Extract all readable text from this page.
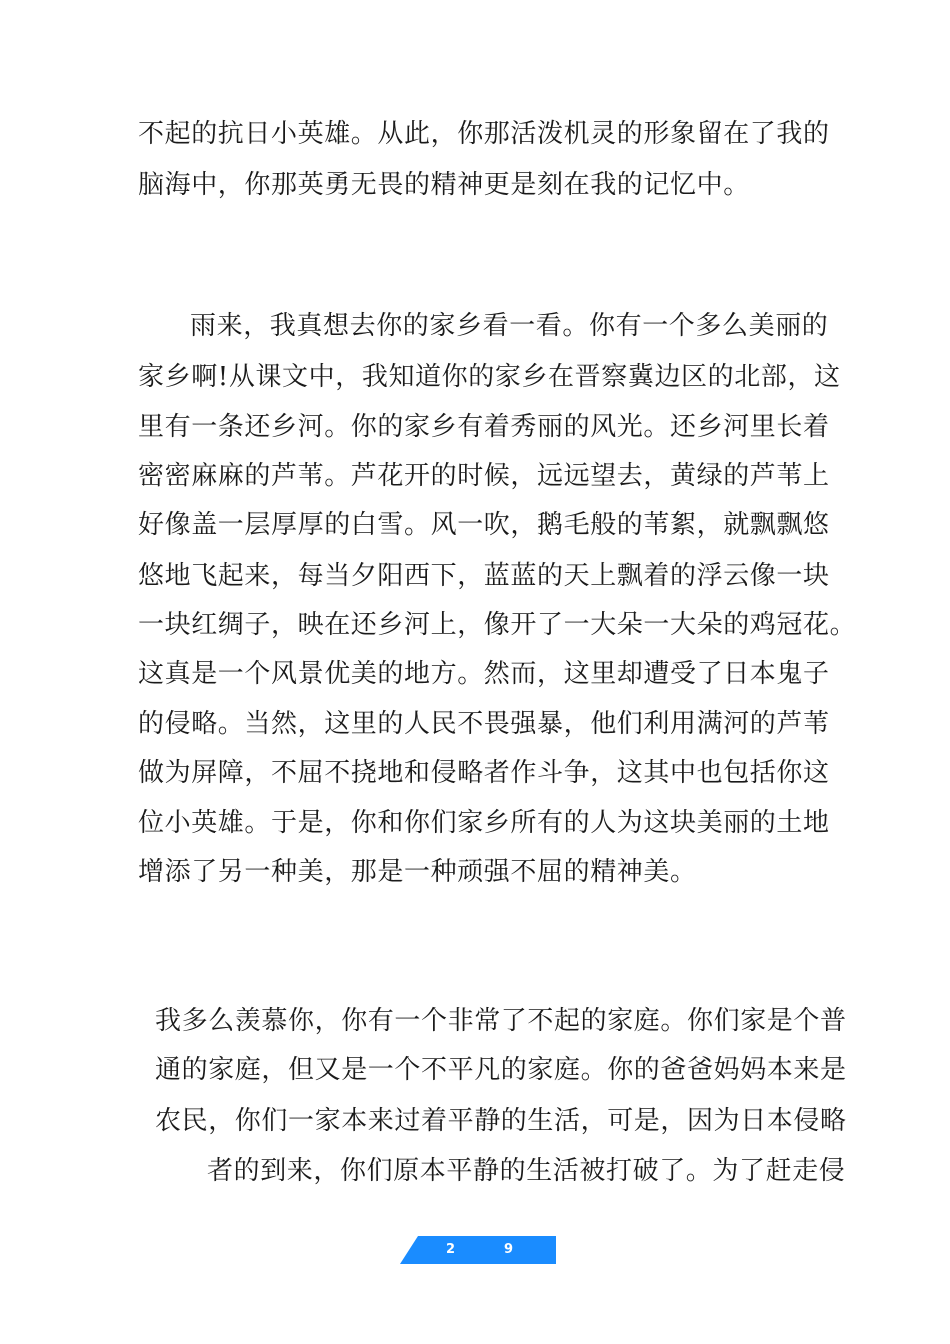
不起的抗日小英雄。从此，你那活泼机灵的形象留在了我的
脑海中，你那英勇无畏的精神更是刻在我的记忆中。
雨来，我真想去你的家乡看一看。你有一个多么美丽的
家乡啊!从课文中，我知道你的家乡在晋察冀边区的北部，这
里有一条还乡河。你的家乡有着秀丽的风光。还乡河里长着
密密麻麻的芦苇。芦花开的时候，远远望去，黄绿的芦苇上
好像盖一层厚厚的白雪。风一吹，鹅毛般的苇絮，就飘飘悠
悠地飞起来，每当夕阳西下，蓝蓝的天上飘着的浮云像一块
一块红绸子，映在还乡河上，像开了一大朵一大朵的鸡冠花。
这真是一个风景优美的地方。然而，这里却遭受了日本鬼子
的侵略。当然，这里的人民不畏强暴，他们利用满河的芦苇
做为屏障，不屈不挠地和侵略者作斗争，这其中也包括你这
位小英雄。于是，你和你们家乡所有的人为这块美丽的土地
增添了另一种美，那是一种顽强不屈的精神美。
我多么羡慕你，你有一个非常了不起的家庭。你们家是个普
通的家庭，但又是一个不平凡的家庭。你的爸爸妈妈本来是
农民，你们一家本来过着平静的生活，可是，因为日本侵略
者的到来，你们原本平静的生活被打破了。为了赶走侵
2	9
